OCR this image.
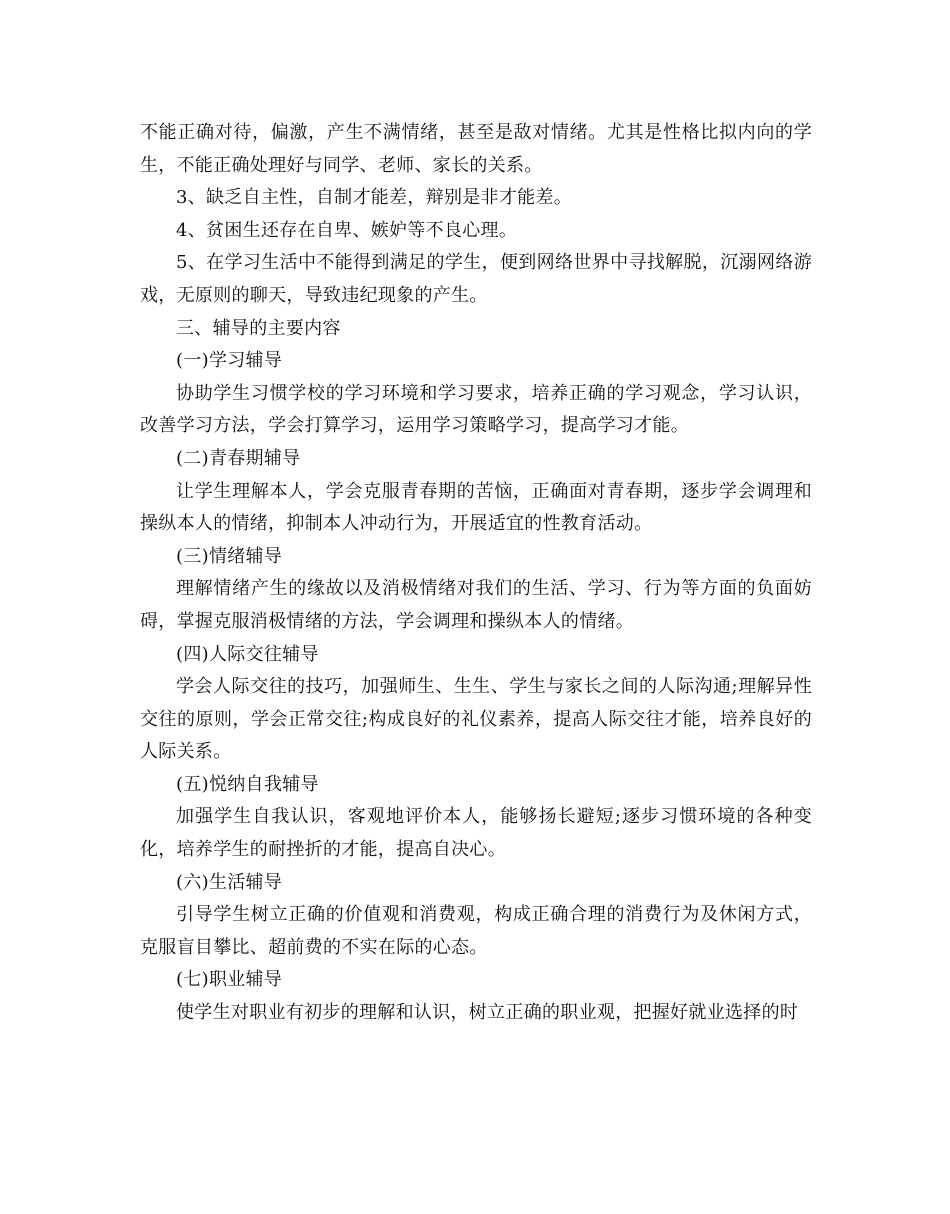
不能正确对待，偏激，产生不满情绪，甚至是敌对情绪。尤其是性格比拟内向的学生，不能正确处理好与同学、老师、家长的关系。

3、缺乏自主性，自制才能差，辩别是非才能差。

4、贫困生还存在自卑、嫉妒等不良心理。

5、在学习生活中不能得到满足的学生，便到网络世界中寻找解脱，沉溺网络游戏，无原则的聊天，导致违纪现象的产生。

三、辅导的主要内容

(一)学习辅导

协助学生习惯学校的学习环境和学习要求，培养正确的学习观念，学习认识，改善学习方法，学会打算学习，运用学习策略学习，提高学习才能。

(二)青春期辅导

让学生理解本人，学会克服青春期的苦恼，正确面对青春期，逐步学会调理和操纵本人的情绪，抑制本人冲动行为，开展适宜的性教育活动。

(三)情绪辅导

理解情绪产生的缘故以及消极情绪对我们的生活、学习、行为等方面的负面妨碍，掌握克服消极情绪的方法，学会调理和操纵本人的情绪。

(四)人际交往辅导

学会人际交往的技巧，加强师生、生生、学生与家长之间的人际沟通;理解异性交往的原则，学会正常交往;构成良好的礼仪素养，提高人际交往才能，培养良好的人际关系。

(五)悦纳自我辅导

加强学生自我认识，客观地评价本人，能够扬长避短;逐步习惯环境的各种变化，培养学生的耐挫折的才能，提高自决心。

(六)生活辅导

引导学生树立正确的价值观和消费观，构成正确合理的消费行为及休闲方式，克服盲目攀比、超前费的不实在际的心态。

(七)职业辅导

使学生对职业有初步的理解和认识，树立正确的职业观，把握好就业选择的时
